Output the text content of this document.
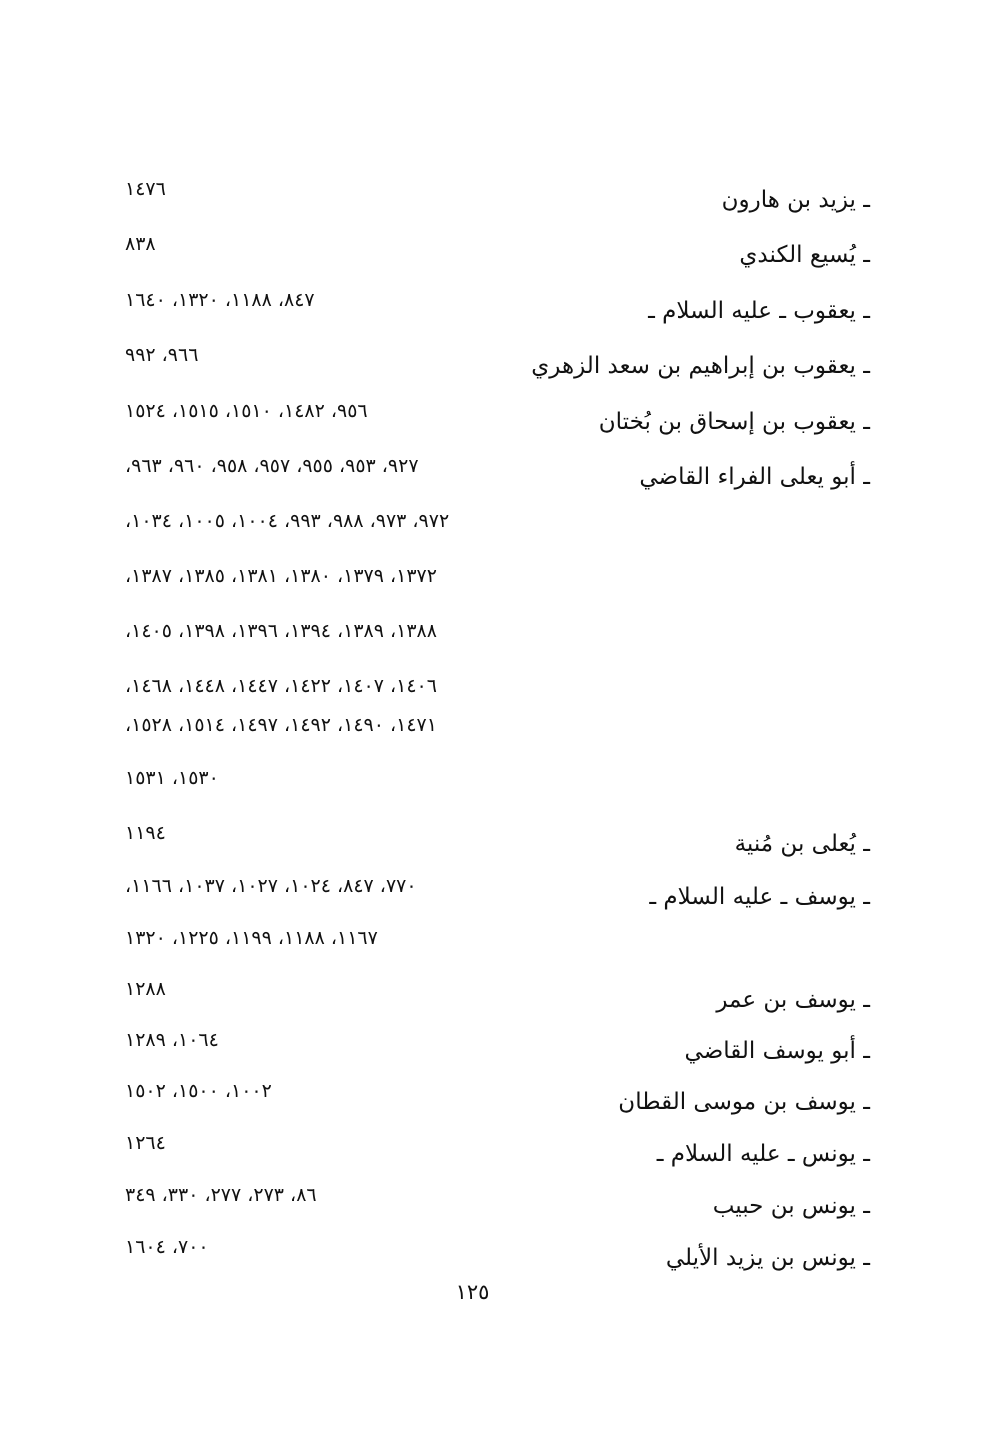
١٤٧٦	ـ يزيد بن هارون
٨٣٨	ـ يُسيع الكندي
٨٤٧، ١١٨٨، ١٣٢٠، ١٦٤٠	ـ يعقوب ـ عليه السلام ـ
٩٦٦، ٩٩٢	ـ يعقوب بن إبراهيم بن سعد الزهري
٩٥٦، ١٤٨٢، ١٥١٠، ١٥١٥، ١٥٢٤	ـ يعقوب بن إسحاق بن بُختان
٩٢٧، ٩٥٣، ٩٥٥، ٩٥٧، ٩٥٨، ٩٦٠، ٩٦٣،	ـ أبو يعلى الفراء القاضي
٩٧٢، ٩٧٣، ٩٨٨، ٩٩٣، ١٠٠٤، ١٠٠٥، ١٠٣٤،
١٣٧٢، ١٣٧٩، ١٣٨٠، ١٣٨١، ١٣٨٥، ١٣٨٧،
١٣٨٨، ١٣٨٩، ١٣٩٤، ١٣٩٦، ١٣٩٨، ١٤٠٥،
١٤٠٦، ١٤٠٧، ١٤٢٢، ١٤٤٧، ١٤٤٨، ١٤٦٨،
١٤٧١، ١٤٩٠، ١٤٩٢، ١٤٩٧، ١٥١٤، ١٥٢٨،
١٥٣٠، ١٥٣١
١١٩٤	ـ يُعلى بن مُنية
٧٧٠، ٨٤٧، ١٠٢٤، ١٠٢٧، ١٠٣٧، ١١٦٦،	ـ يوسف ـ عليه السلام ـ
١١٦٧، ١١٨٨، ١١٩٩، ١٢٢٥، ١٣٢٠
١٢٨٨	ـ يوسف بن عمر
١٠٦٤، ١٢٨٩	ـ أبو يوسف القاضي
١٠٠٢، ١٥٠٠، ١٥٠٢	ـ يوسف بن موسى القطان
١٢٦٤	ـ يونس ـ عليه السلام ـ
٨٦، ٢٧٣، ٢٧٧، ٣٣٠، ٣٤٩	ـ يونس بن حبيب
٧٠٠، ١٦٠٤	ـ يونس بن يزيد الأيلي
١٢٥
